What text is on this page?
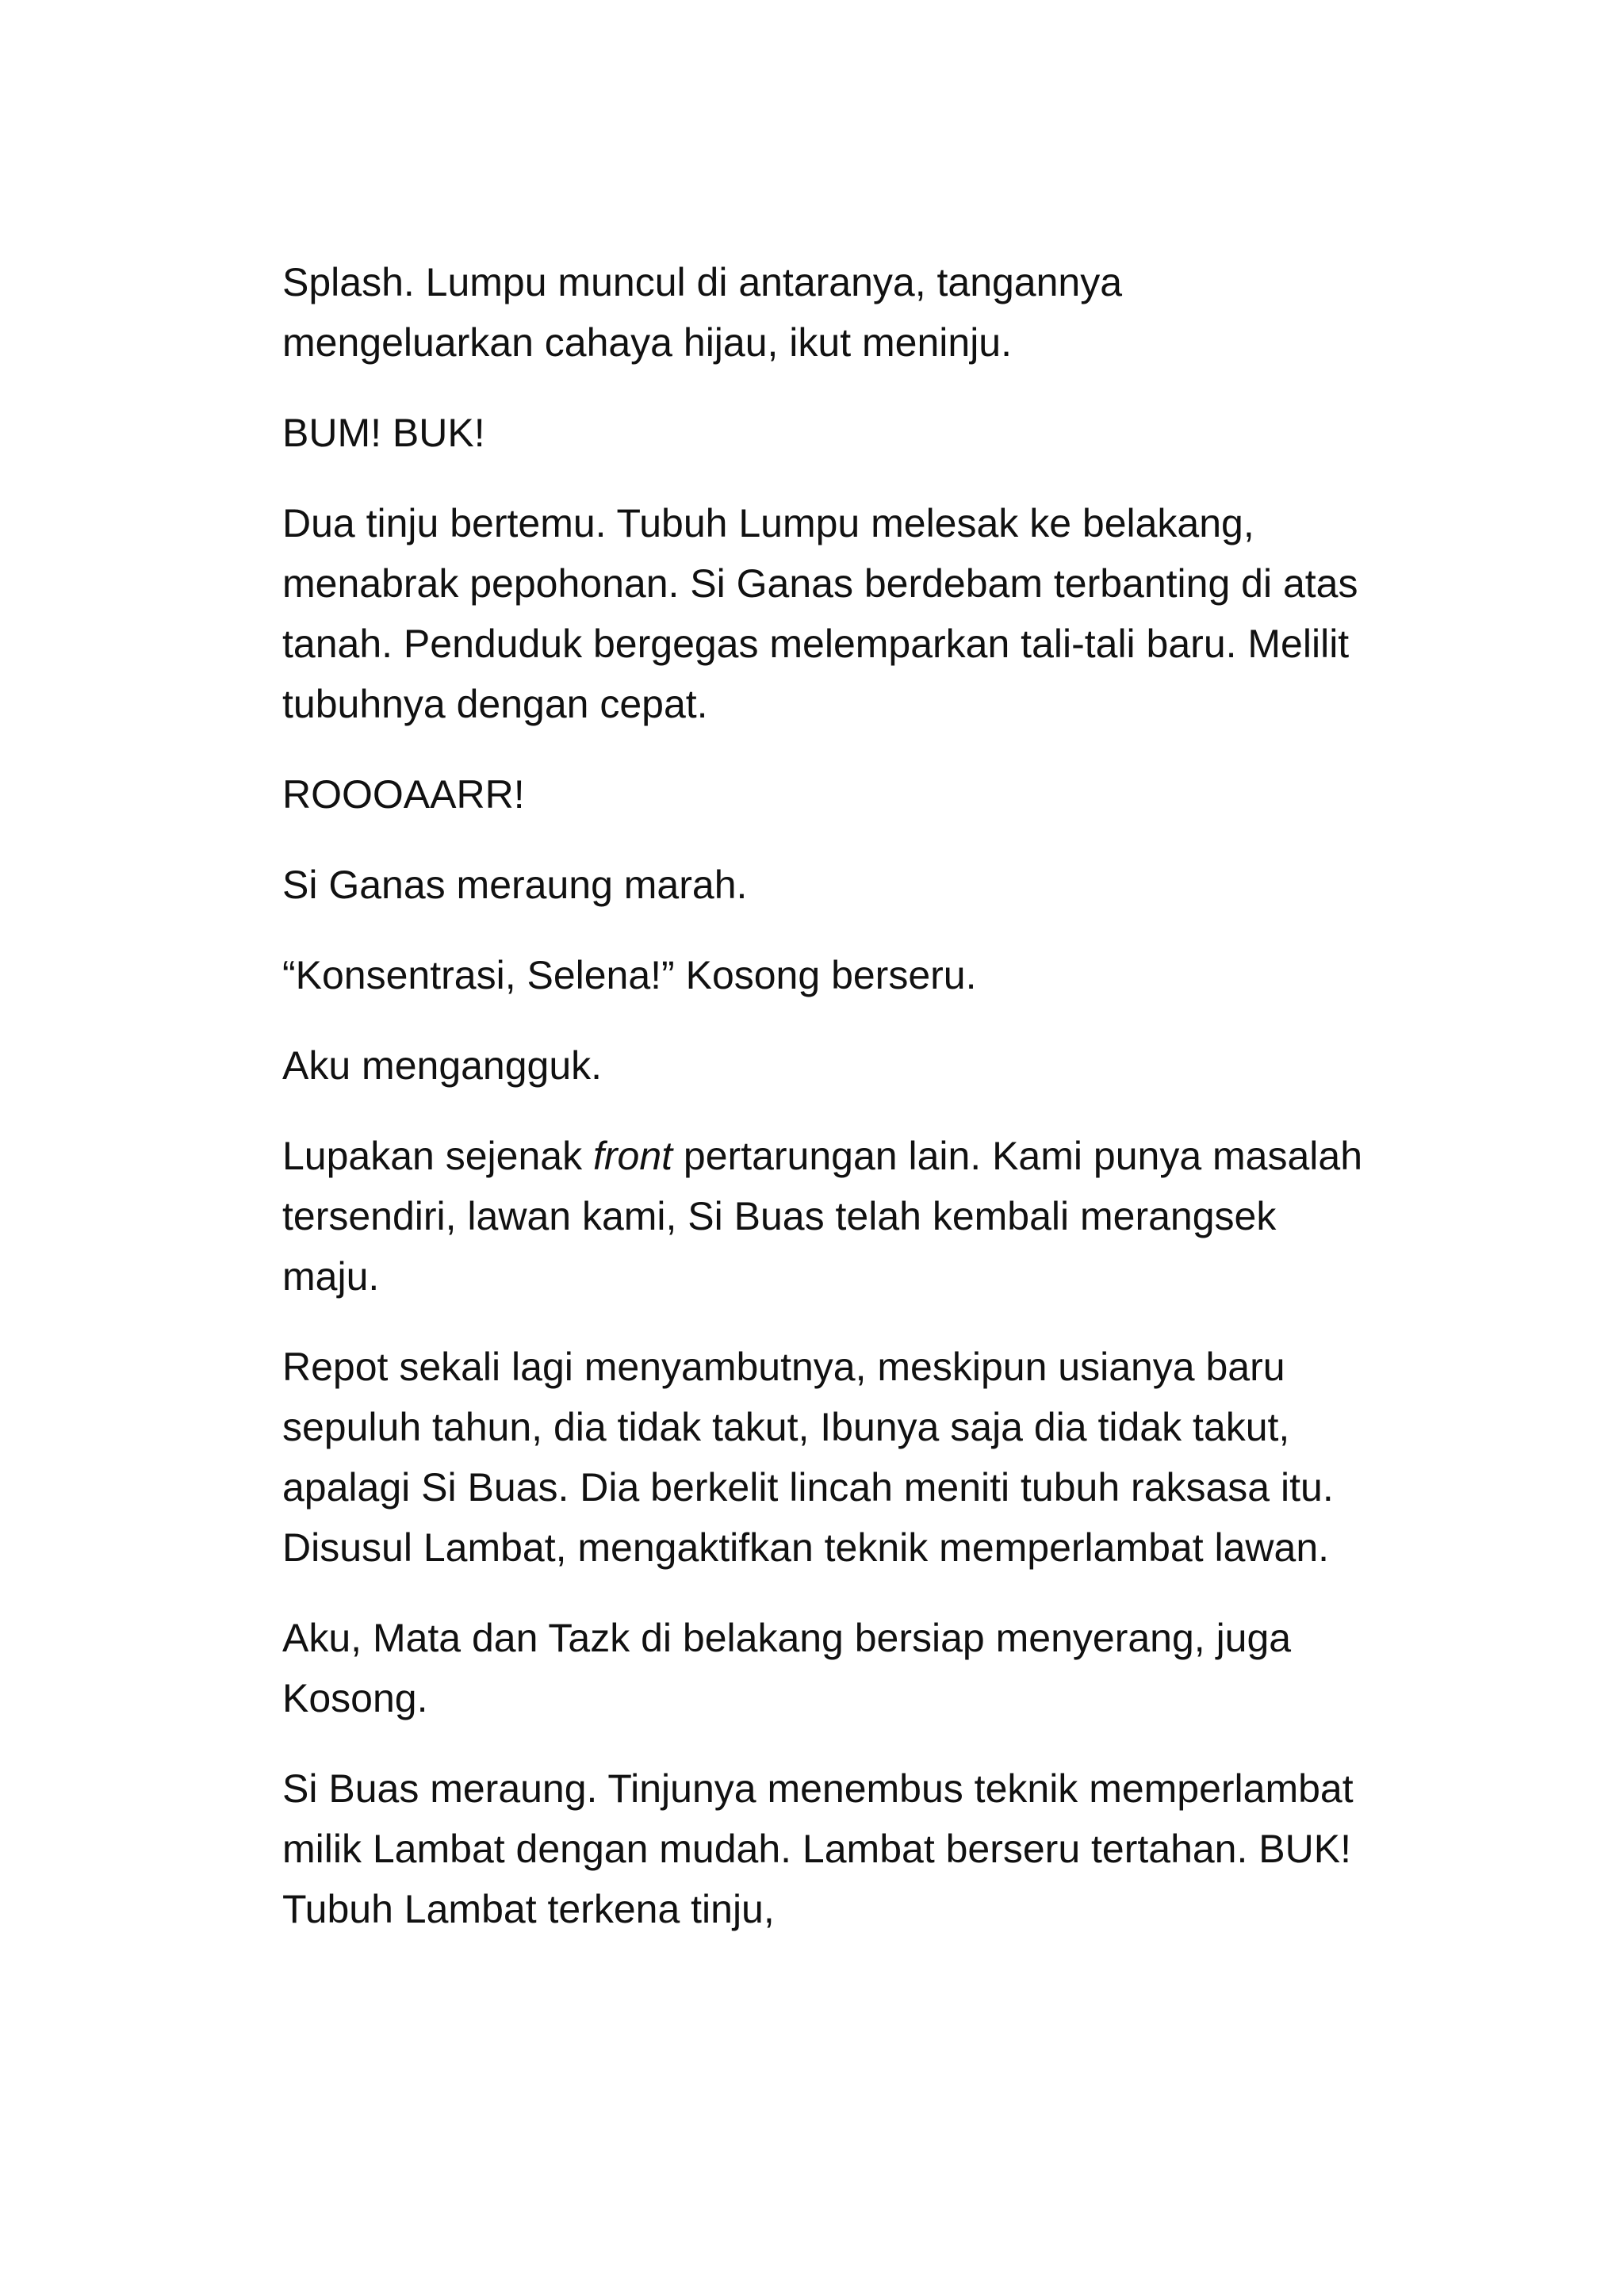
Splash. Lumpu muncul di antaranya, tangannya mengeluarkan cahaya hijau, ikut meninju.

BUM! BUK!

Dua tinju bertemu. Tubuh Lumpu melesak ke belakang, menabrak pepohonan. Si Ganas berdebam terbanting di atas tanah. Penduduk bergegas melemparkan tali-tali baru. Melilit tubuhnya dengan cepat.

ROOOAARR!

Si Ganas meraung marah.

“Konsentrasi, Selena!” Kosong berseru.

Aku mengangguk.

Lupakan sejenak front pertarungan lain. Kami punya masalah tersendiri, lawan kami, Si Buas telah kembali merangsek maju.

Repot sekali lagi menyambutnya, meskipun usianya baru sepuluh tahun, dia tidak takut, Ibunya saja dia tidak takut, apalagi Si Buas. Dia berkelit lincah meniti tubuh raksasa itu. Disusul Lambat, mengaktifkan teknik memperlambat lawan.

Aku, Mata dan Tazk di belakang bersiap menyerang, juga Kosong.

Si Buas meraung. Tinjunya menembus teknik memperlambat milik Lambat dengan mudah. Lambat berseru tertahan. BUK! Tubuh Lambat terkena tinju,
